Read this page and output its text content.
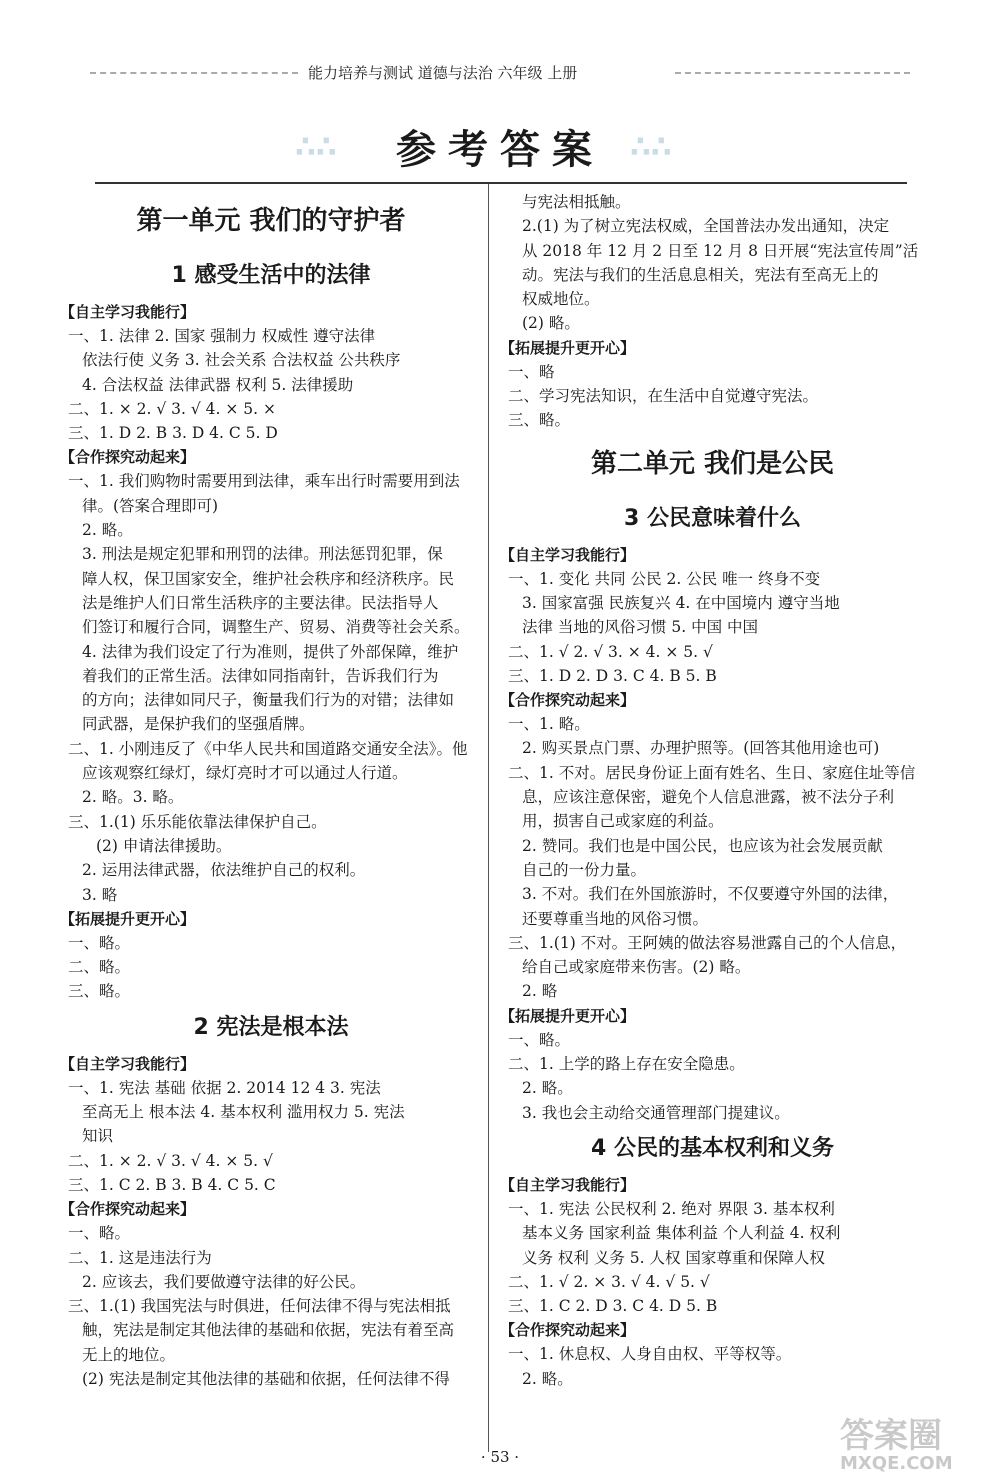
能力培养与测试 道德与法治 六年级 上册
∴∴	∴∴
参考答案
第一单元 我们的守护者
1 感受生活中的法律
【自主学习我能行】
一、1. 法律 2. 国家 强制力 权威性 遵守法律
依法行使 义务 3. 社会关系 合法权益 公共秩序
4. 合法权益 法律武器 权利 5. 法律援助
二、1. × 2. √ 3. √ 4. × 5. ×
三、1. D 2. B 3. D 4. C 5. D
【合作探究动起来】
一、1. 我们购物时需要用到法律，乘车出行时需要用到法
律。(答案合理即可)
2. 略。
3. 刑法是规定犯罪和刑罚的法律。刑法惩罚犯罪，保
障人权，保卫国家安全，维护社会秩序和经济秩序。民
法是维护人们日常生活秩序的主要法律。民法指导人
们签订和履行合同，调整生产、贸易、消费等社会关系。
4. 法律为我们设定了行为准则，提供了外部保障，维护
着我们的正常生活。法律如同指南针，告诉我们行为
的方向；法律如同尺子，衡量我们行为的对错；法律如
同武器，是保护我们的坚强盾牌。
二、1. 小刚违反了《中华人民共和国道路交通安全法》。他
应该观察红绿灯，绿灯亮时才可以通过人行道。
2. 略。3. 略。
三、1.(1) 乐乐能依靠法律保护自己。
(2) 申请法律援助。
2. 运用法律武器，依法维护自己的权利。
3. 略
【拓展提升更开心】
一、略。
二、略。
三、略。
2 宪法是根本法
【自主学习我能行】
一、1. 宪法 基础 依据 2. 2014 12 4 3. 宪法
至高无上 根本法 4. 基本权利 滥用权力 5. 宪法
知识
二、1. × 2. √ 3. √ 4. × 5. √
三、1. C 2. B 3. B 4. C 5. C
【合作探究动起来】
一、略。
二、1. 这是违法行为
2. 应该去，我们要做遵守法律的好公民。
三、1.(1) 我国宪法与时俱进，任何法律不得与宪法相抵
触，宪法是制定其他法律的基础和依据，宪法有着至高
无上的地位。
(2) 宪法是制定其他法律的基础和依据，任何法律不得
与宪法相抵触。
2.(1) 为了树立宪法权威，全国普法办发出通知，决定
从 2018 年 12 月 2 日至 12 月 8 日开展“宪法宣传周”活
动。宪法与我们的生活息息相关，宪法有至高无上的
权威地位。
(2) 略。
【拓展提升更开心】
一、略
二、学习宪法知识，在生活中自觉遵守宪法。
三、略。
第二单元 我们是公民
3 公民意味着什么
【自主学习我能行】
一、1. 变化 共同 公民 2. 公民 唯一 终身不变
3. 国家富强 民族复兴 4. 在中国境内 遵守当地
法律 当地的风俗习惯 5. 中国 中国
二、1. √ 2. √ 3. × 4. × 5. √
三、1. D 2. D 3. C 4. B 5. B
【合作探究动起来】
一、1. 略。
2. 购买景点门票、办理护照等。(回答其他用途也可)
二、1. 不对。居民身份证上面有姓名、生日、家庭住址等信
息，应该注意保密，避免个人信息泄露，被不法分子利
用，损害自己或家庭的利益。
2. 赞同。我们也是中国公民，也应该为社会发展贡献
自己的一份力量。
3. 不对。我们在外国旅游时，不仅要遵守外国的法律，
还要尊重当地的风俗习惯。
三、1.(1) 不对。王阿姨的做法容易泄露自己的个人信息，
给自己或家庭带来伤害。(2) 略。
2. 略
【拓展提升更开心】
一、略。
二、1. 上学的路上存在安全隐患。
2. 略。
3. 我也会主动给交通管理部门提建议。
4 公民的基本权利和义务
【自主学习我能行】
一、1. 宪法 公民权利 2. 绝对 界限 3. 基本权利
基本义务 国家利益 集体利益 个人利益 4. 权利
义务 权利 义务 5. 人权 国家尊重和保障人权
二、1. √ 2. × 3. √ 4. √ 5. √
三、1. C 2. D 3. C 4. D 5. B
【合作探究动起来】
一、1. 休息权、人身自由权、平等权等。
2. 略。
· 53 ·
答案圈
MXQE.COM
